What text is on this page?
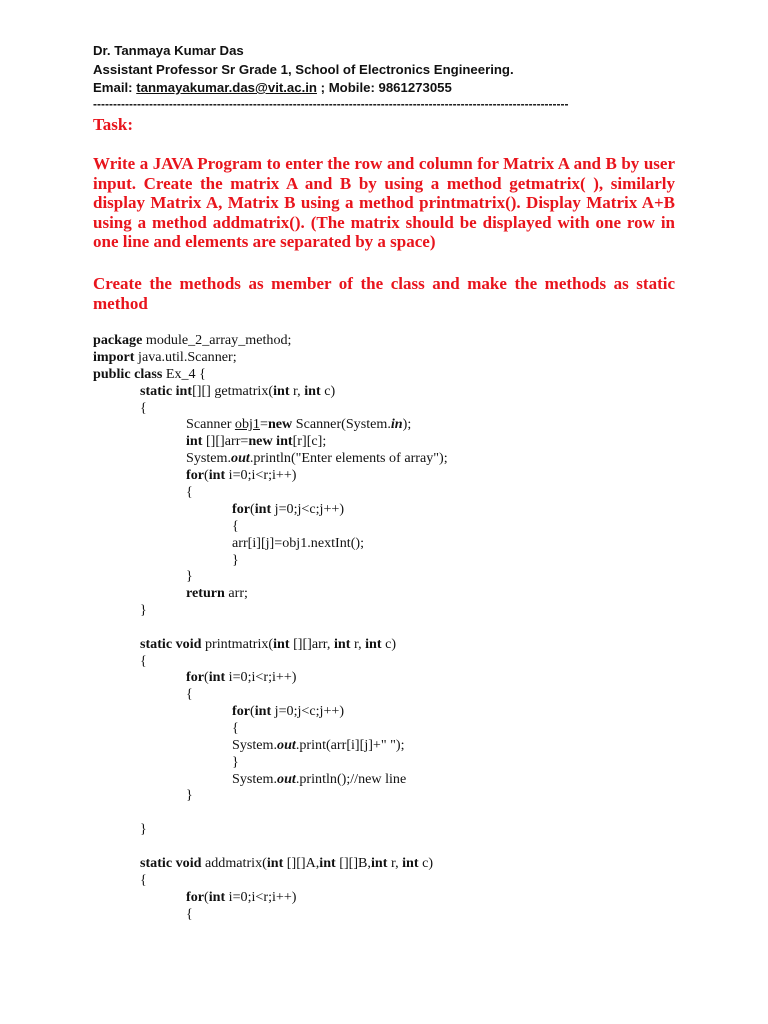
Dr. Tanmaya Kumar Das
Assistant Professor Sr Grade 1, School of Electronics Engineering.
Email: tanmayakumar.das@vit.ac.in ; Mobile: 9861273055
-----------------------------------------------------------------------------------------------------------------------
Task:
Write a JAVA Program to enter the row and column for Matrix A and B by user input. Create the matrix A and B by using a method getmatrix( ), similarly display Matrix A, Matrix B using a method printmatrix(). Display Matrix A+B using a method addmatrix(). (The matrix should be displayed with one row in one line and elements are separated by a space)
Create the methods as member of the class and make the methods as static method
package module_2_array_method;
import java.util.Scanner;
public class Ex_4 {
static int[][] getmatrix(int r, int c)
{
Scanner obj1=new Scanner(System.in);
int [][]arr=new int[r][c];
System.out.println("Enter elements of array");
for(int i=0;i<r;i++)
{
for(int j=0;j<c;j++)
{
arr[i][j]=obj1.nextInt();
}
}
return arr;
}
static void printmatrix(int [][]arr, int r, int c)
{
for(int i=0;i<r;i++)
{
for(int j=0;j<c;j++)
{
System.out.print(arr[i][j]+" ");
}
System.out.println();//new line
}
}
static void addmatrix(int [][]A,int [][]B,int r, int c)
{
for(int i=0;i<r;i++)
{
